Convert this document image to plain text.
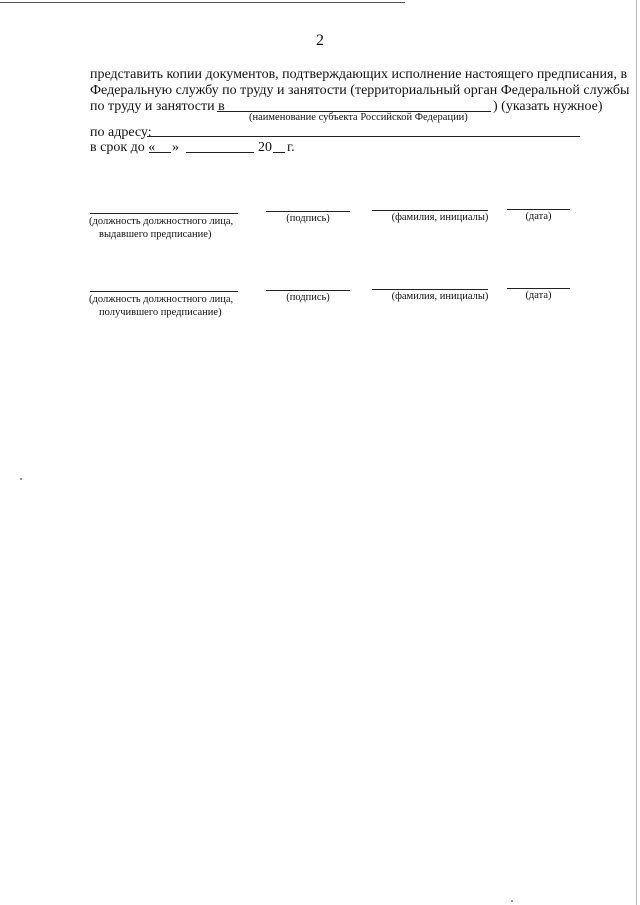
2
представить копии документов, подтверждающих исполнение настоящего предписания, в
Федеральную службу по труду и занятости (территориальный орган Федеральной службы
по труду и занятости в	) (указать нужное)
(наименование субъекта Российской Федерации)
по адресу:
в срок до « »	20 г.
(должность должностного лица,
выдавшего предписание)
(подпись)	(фамилия, инициалы)	(дата)
(должность должностного лица,
получившего предписание)
(подпись)	(фамилия, инициалы)	(дата)
